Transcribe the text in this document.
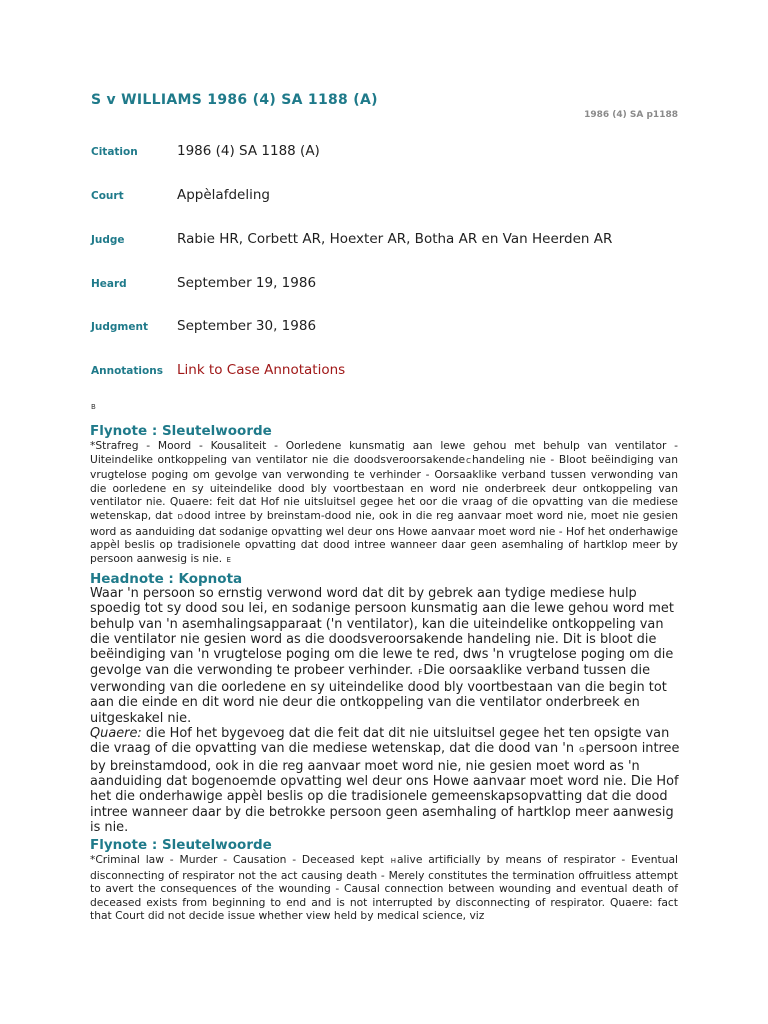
S v WILLIAMS 1986 (4) SA 1188 (A)
1986 (4) SA p1188
Citation	1986 (4) SA 1188 (A)
Court	Appèlafdeling
Judge	Rabie HR, Corbett AR, Hoexter AR, Botha AR en Van Heerden AR
Heard	September 19, 1986
Judgment September 30, 1986
Annotations Link to Case Annotations
B
Flynote : Sleutelwoorde

*Strafreg - Moord - Kousaliteit - Oorledene kunsmatig aan lewe gehou met behulp van ventilator - Uiteindelike ontkoppeling van ventilator nie die doodsveroorsakendeChandeling nie - Bloot beëindiging van vrugtelose poging om gevolge van verwonding te verhinder - Oorsaaklike verband tussen verwonding van die oorledene en sy uiteindelike dood bly voortbestaan en word nie onderbreek deur ontkoppeling van ventilator nie. Quaere: feit dat Hof nie uitsluitsel gegee het oor die vraag of die opvatting van die mediese wetenskap, dat Ddood intree by breinstam-dood nie, ook in die reg aanvaar moet word nie, moet nie gesien word as aanduiding dat sodanige opvatting wel deur ons Howe aanvaar moet word nie - Hof het onderhawige appèl beslis op tradisionele opvatting dat dood intree wanneer daar geen asemhaling of hartklop meer by persoon aanwesig is nie. E

Headnote : Kopnota

Waar 'n persoon so ernstig verwond word dat dit by gebrek aan tydige mediese hulp spoedig tot sy dood sou lei, en sodanige persoon kunsmatig aan die lewe gehou word met behulp van 'n asemhalingsapparaat ('n ventilator), kan die uiteindelike ontkoppeling van die ventilator nie gesien word as die doodsveroorsakende handeling nie. Dit is bloot die beëindiging van 'n vrugtelose poging om die lewe te red, dws 'n vrugtelose poging om die gevolge van die verwonding te probeer verhinder. FDie oorsaaklike verband tussen die verwonding van die oorledene en sy uiteindelike dood bly voortbestaan van die begin tot aan die einde en dit word nie deur die ontkoppeling van die ventilator onderbreek en uitgeskakel nie.
Quaere: die Hof het bygevoeg dat die feit dat dit nie uitsluitsel gegee het ten opsigte van die vraag of die opvatting van die mediese wetenskap, dat die dood van 'n Gpersoon intree by breinstamdood, ook in die reg aanvaar moet word nie, nie gesien moet word as 'n aanduiding dat bogenoemde opvatting wel deur ons Howe aanvaar moet word nie. Die Hof het die onderhawige appèl beslis op die tradisionele gemeenskapsopvatting dat die dood intree wanneer daar by die betrokke persoon geen asemhaling of hartklop meer aanwesig is nie.

Flynote : Sleutelwoorde

*Criminal law - Murder - Causation - Deceased kept Halive artificially by means of respirator - Eventual disconnecting of respirator not the act causing death - Merely constitutes the termination offruitless attempt to avert the consequences of the wounding - Causal connection between wounding and eventual death of deceased exists from beginning to end and is not interrupted by disconnecting of respirator. Quaere: fact that Court did not decide issue whether view held by medical science, viz
